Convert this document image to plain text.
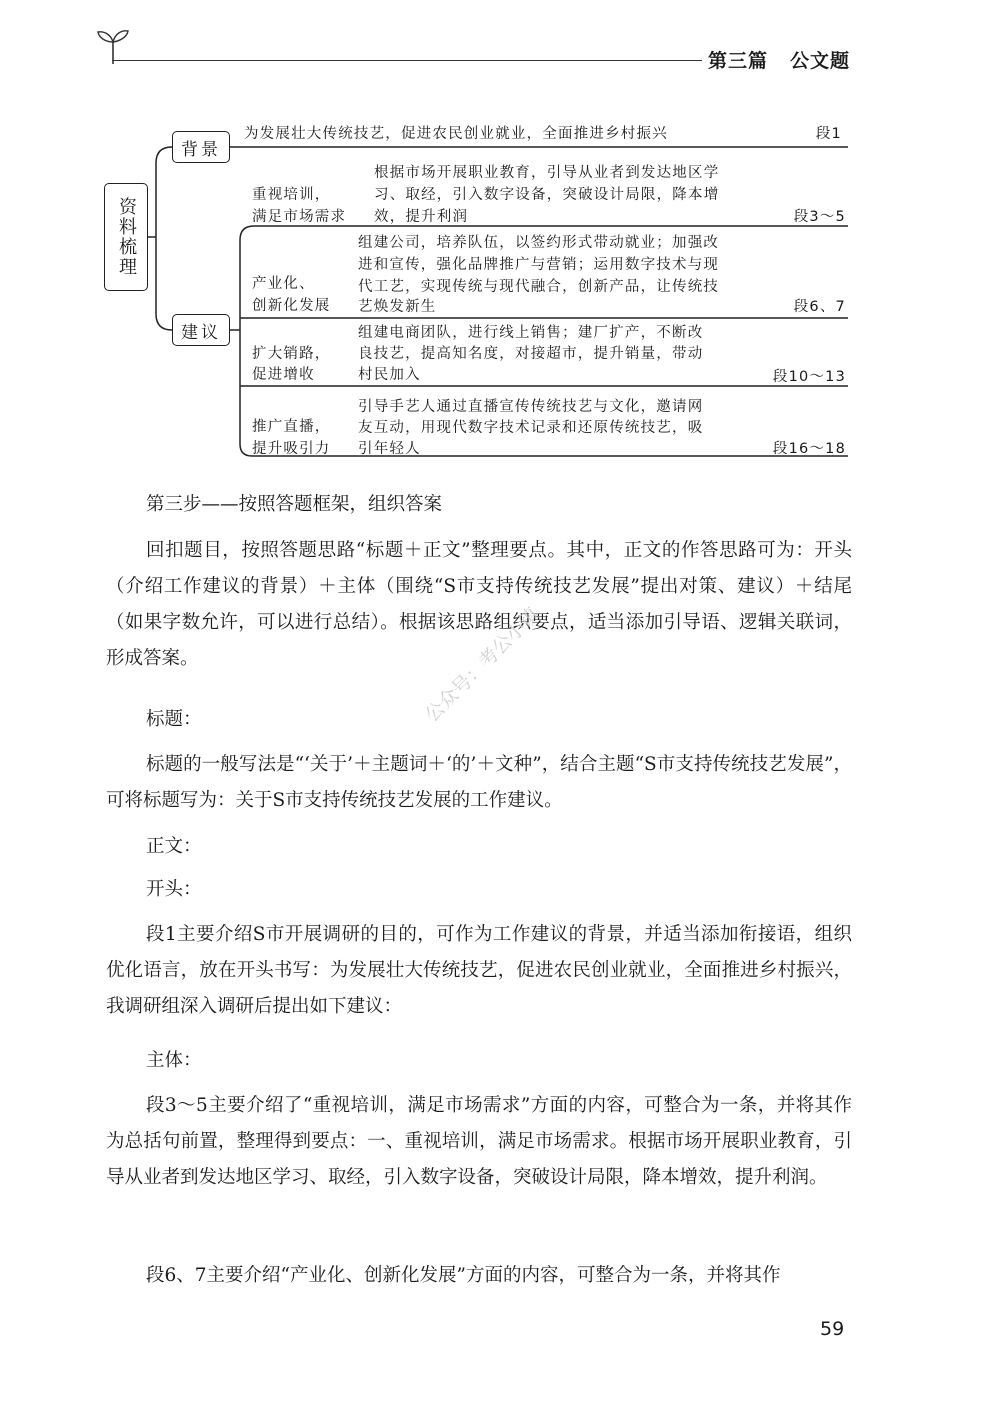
第三篇 公文题
资料梳理
背景
建议
为发展壮大传统技艺，促进农民创业就业，全面推进乡村振兴	段1
重视培训，
满足市场需求
根据市场开展职业教育，引导从业者到发达地区学
习、取经，引入数字设备，突破设计局限，降本增
效，提升利润	段3～5
产业化、
创新化发展
组建公司，培养队伍，以签约形式带动就业；加强改
进和宣传，强化品牌推广与营销；运用数字技术与现
代工艺，实现传统与现代融合，创新产品，让传统技
艺焕发新生	段6、7
扩大销路，
促进增收
组建电商团队，进行线上销售；建厂扩产，不断改
良技艺，提高知名度，对接超市，提升销量，带动
村民加入	段10～13
推广直播，
提升吸引力
引导手艺人通过直播宣传传统技艺与文化，邀请网
友互动，用现代数字技术记录和还原传统技艺，吸
引年轻人	段16～18
第三步——按照答题框架，组织答案
回扣题目，按照答题思路“标题＋正文”整理要点。其中，正文的作答思路可为：开头（介绍工作建议的背景）＋主体（围绕“S市支持传统技艺发展”提出对策、建议）＋结尾（如果字数允许，可以进行总结）。根据该思路组织要点，适当添加引导语、逻辑关联词，形成答案。
标题：
标题的一般写法是“‘关于’＋主题词＋‘的’＋文种”，结合主题“S市支持传统技艺发展”，可将标题写为：关于S市支持传统技艺发展的工作建议。
正文：
开头：
段1主要介绍S市开展调研的目的，可作为工作建议的背景，并适当添加衔接语，组织优化语言，放在开头书写：为发展壮大传统技艺，促进农民创业就业，全面推进乡村振兴，我调研组深入调研后提出如下建议：
主体：
段3～5主要介绍了“重视培训，满足市场需求”方面的内容，可整合为一条，并将其作为总括句前置，整理得到要点：一、重视培训，满足市场需求。根据市场开展职业教育，引导从业者到发达地区学习、取经，引入数字设备，突破设计局限，降本增效，提升利润。
段6、7主要介绍“产业化、创新化发展”方面的内容，可整合为一条，并将其作
公众号：考公小镇
59
